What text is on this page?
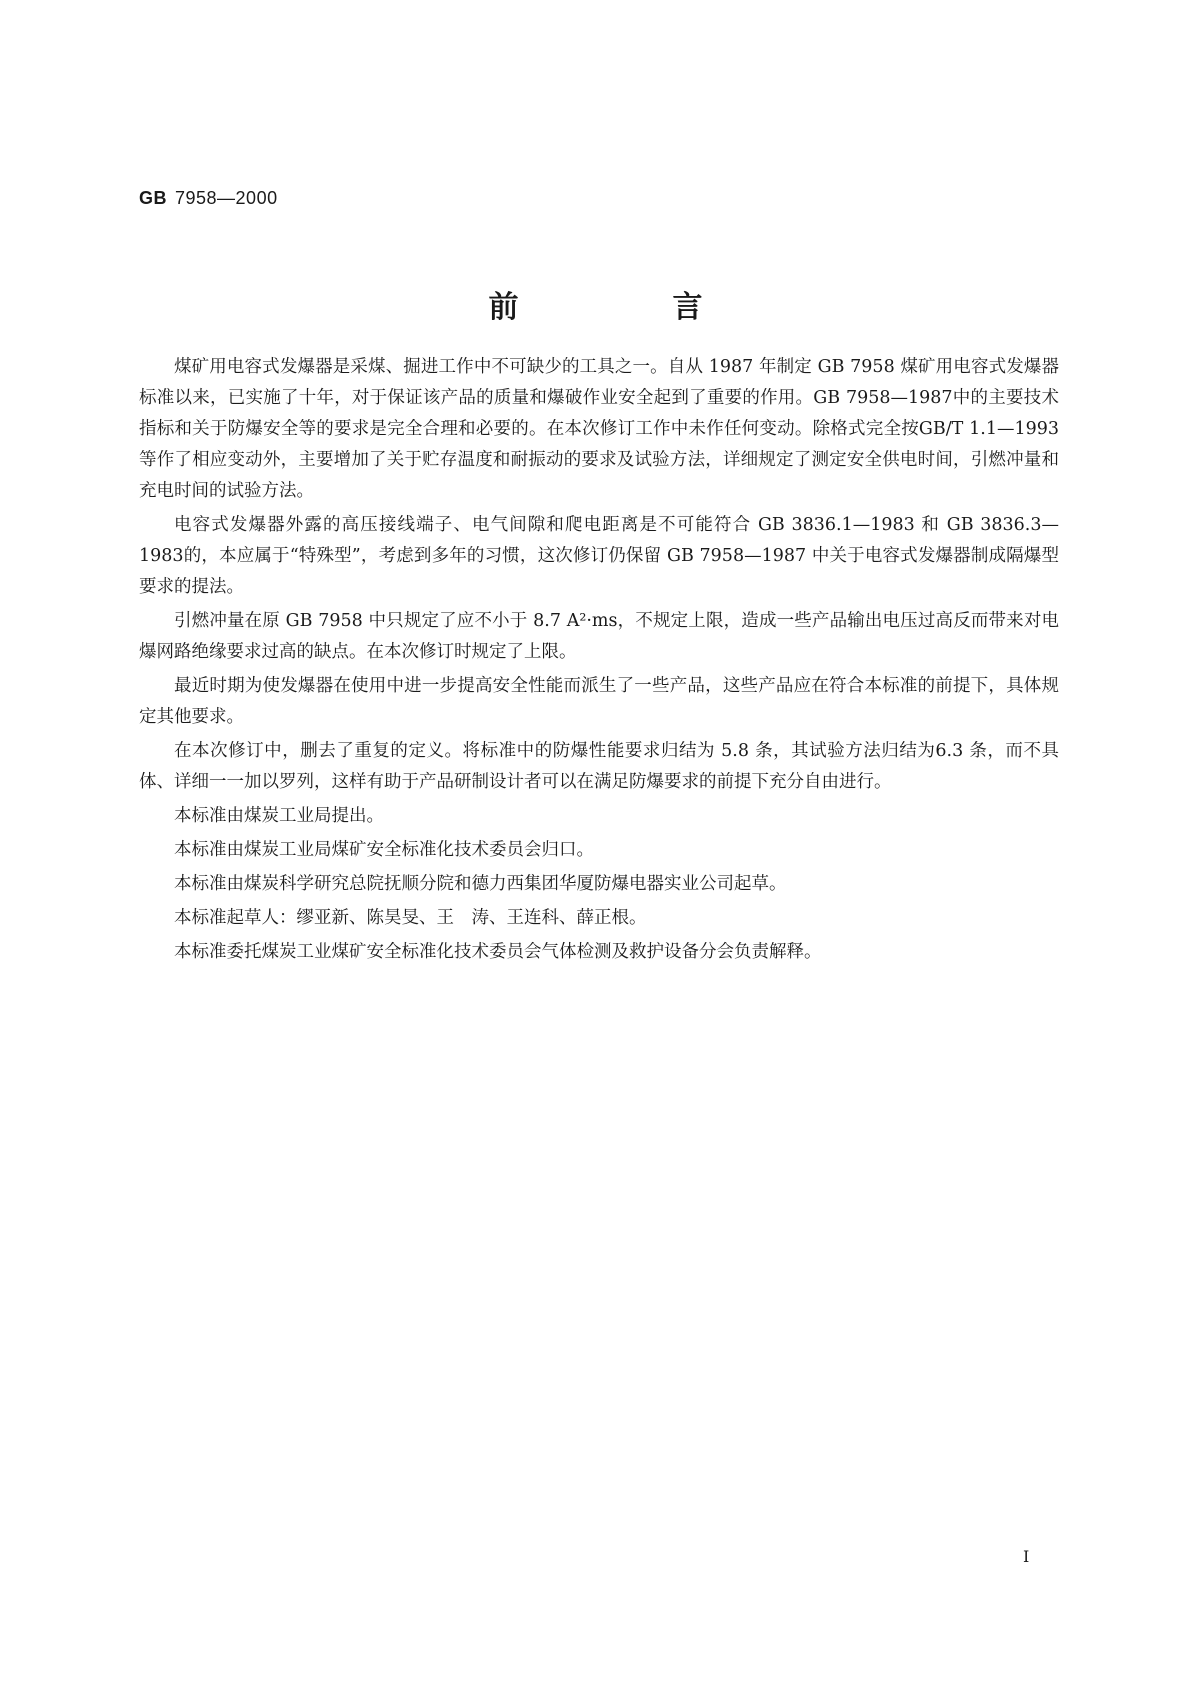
GB 7958—2000
前　言

煤矿用电容式发爆器是采煤、掘进工作中不可缺少的工具之一。自从 1987 年制定 GB 7958 煤矿用电容式发爆器标准以来，已实施了十年，对于保证该产品的质量和爆破作业安全起到了重要的作用。GB 7958—1987中的主要技术指标和关于防爆安全等的要求是完全合理和必要的。在本次修订工作中未作任何变动。除格式完全按GB/T 1.1—1993 等作了相应变动外，主要增加了关于贮存温度和耐振动的要求及试验方法，详细规定了测定安全供电时间，引燃冲量和充电时间的试验方法。

电容式发爆器外露的高压接线端子、电气间隙和爬电距离是不可能符合 GB 3836.1—1983 和 GB 3836.3—1983的，本应属于“特殊型”，考虑到多年的习惯，这次修订仍保留 GB 7958—1987 中关于电容式发爆器制成隔爆型要求的提法。

引燃冲量在原 GB 7958 中只规定了应不小于 8.7 A²·ms，不规定上限，造成一些产品输出电压过高反而带来对电爆网路绝缘要求过高的缺点。在本次修订时规定了上限。

最近时期为使发爆器在使用中进一步提高安全性能而派生了一些产品，这些产品应在符合本标准的前提下，具体规定其他要求。

在本次修订中，删去了重复的定义。将标准中的防爆性能要求归结为 5.8 条，其试验方法归结为6.3 条，而不具体、详细一一加以罗列，这样有助于产品研制设计者可以在满足防爆要求的前提下充分自由进行。

本标准由煤炭工业局提出。

本标准由煤炭工业局煤矿安全标准化技术委员会归口。

本标准由煤炭科学研究总院抚顺分院和德力西集团华厦防爆电器实业公司起草。

本标准起草人：缪亚新、陈昊旻、王　涛、王连科、薛正根。

本标准委托煤炭工业煤矿安全标准化技术委员会气体检测及救护设备分会负责解释。

I
